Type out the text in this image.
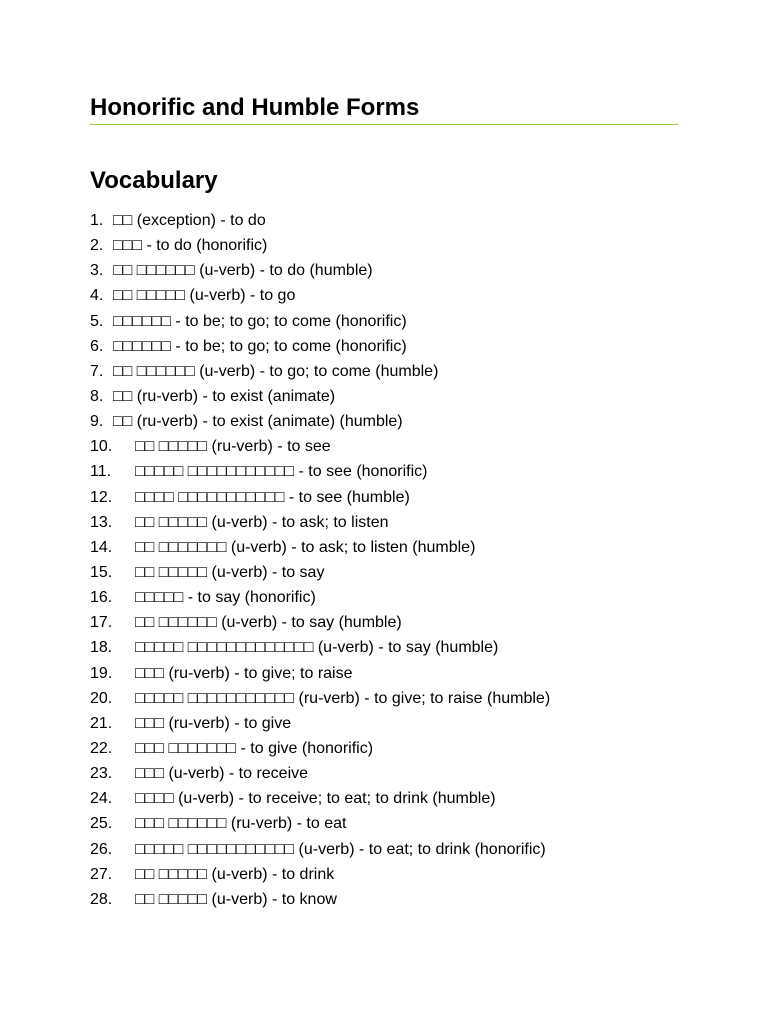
Honorific and Humble Forms
Vocabulary
1. □□ (exception) - to do
2. □□□ - to do (honorific)
3. □□ □□□□□□ (u-verb) - to do (humble)
4. □□ □□□□□ (u-verb) - to go
5. □□□□□□ - to be; to go; to come (honorific)
6. □□□□□□ - to be; to go; to come (honorific)
7. □□ □□□□□□ (u-verb) - to go; to come (humble)
8. □□ (ru-verb) - to exist (animate)
9. □□ (ru-verb) - to exist (animate) (humble)
10. □□ □□□□□ (ru-verb) - to see
11. □□□□□ □□□□□□□□□□□ - to see (honorific)
12. □□□□ □□□□□□□□□□□ - to see (humble)
13. □□ □□□□□ (u-verb) - to ask; to listen
14. □□ □□□□□□□ (u-verb) - to ask; to listen (humble)
15. □□ □□□□□ (u-verb) - to say
16. □□□□□ - to say (honorific)
17. □□ □□□□□□ (u-verb) - to say (humble)
18. □□□□□ □□□□□□□□□□□□□ (u-verb) - to say (humble)
19. □□□ (ru-verb) - to give; to raise
20. □□□□□ □□□□□□□□□□□ (ru-verb) - to give; to raise (humble)
21. □□□ (ru-verb) - to give
22. □□□ □□□□□□□ - to give (honorific)
23. □□□ (u-verb) - to receive
24. □□□□ (u-verb) - to receive; to eat; to drink (humble)
25. □□□ □□□□□□ (ru-verb) - to eat
26. □□□□□ □□□□□□□□□□□ (u-verb) - to eat; to drink (honorific)
27. □□ □□□□□ (u-verb) - to drink
28. □□ □□□□□ (u-verb) - to know
